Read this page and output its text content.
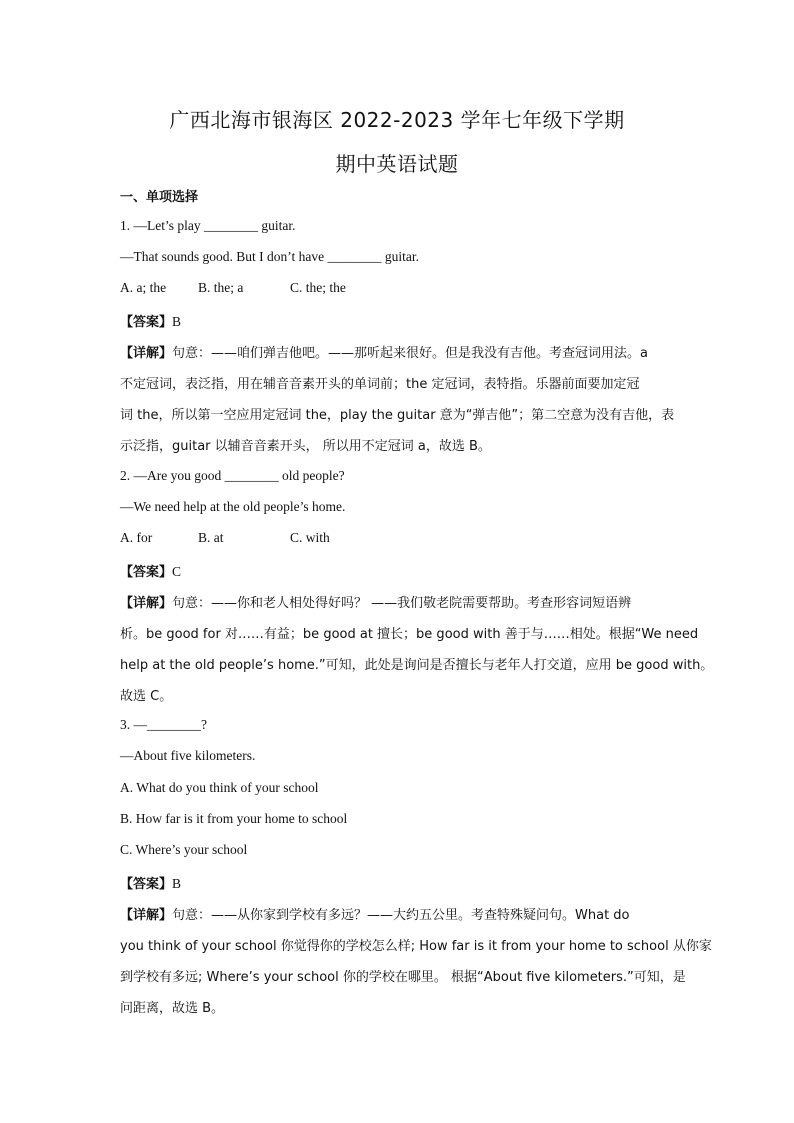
广西北海市银海区 2022-2023 学年七年级下学期
期中英语试题
一、单项选择
1. —Let’s play ________ guitar.
—That sounds good. But I don’t have ________ guitar.
A. a; the B. the; a	C. the; the
【答案】B
【详解】句意：——咱们弹吉他吧。——那听起来很好。但是我没有吉他。考查冠词用法。a
不定冠词，表泛指，用在辅音音素开头的单词前；the 定冠词，表特指。乐器前面要加定冠
词 the，所以第一空应用定冠词 the，play the guitar 意为“弹吉他”；第二空意为没有吉他，表
示泛指，guitar 以辅音音素开头， 所以用不定冠词 a，故选 B。
2. —Are you good ________ old people?
—We need help at the old people’s home.
A. for	B. at	C. with
【答案】C
【详解】句意：——你和老人相处得好吗？ ——我们敬老院需要帮助。考查形容词短语辨
析。be good for 对……有益；be good at 擅长；be good with 善于与……相处。根据“We need
help at the old people’s home.”可知，此处是询问是否擅长与老年人打交道，应用 be good with。
故选 C。
3. —________?
—About five kilometers.
A. What do you think of your school
B. How far is it from your home to school
C. Where’s your school
【答案】B
【详解】句意：——从你家到学校有多远？——大约五公里。考查特殊疑问句。What do
you think of your school 你觉得你的学校怎么样; How far is it from your home to school 从你家
到学校有多远; Where’s your school 你的学校在哪里。 根据“About five kilometers.”可知，是
问距离，故选 B。
